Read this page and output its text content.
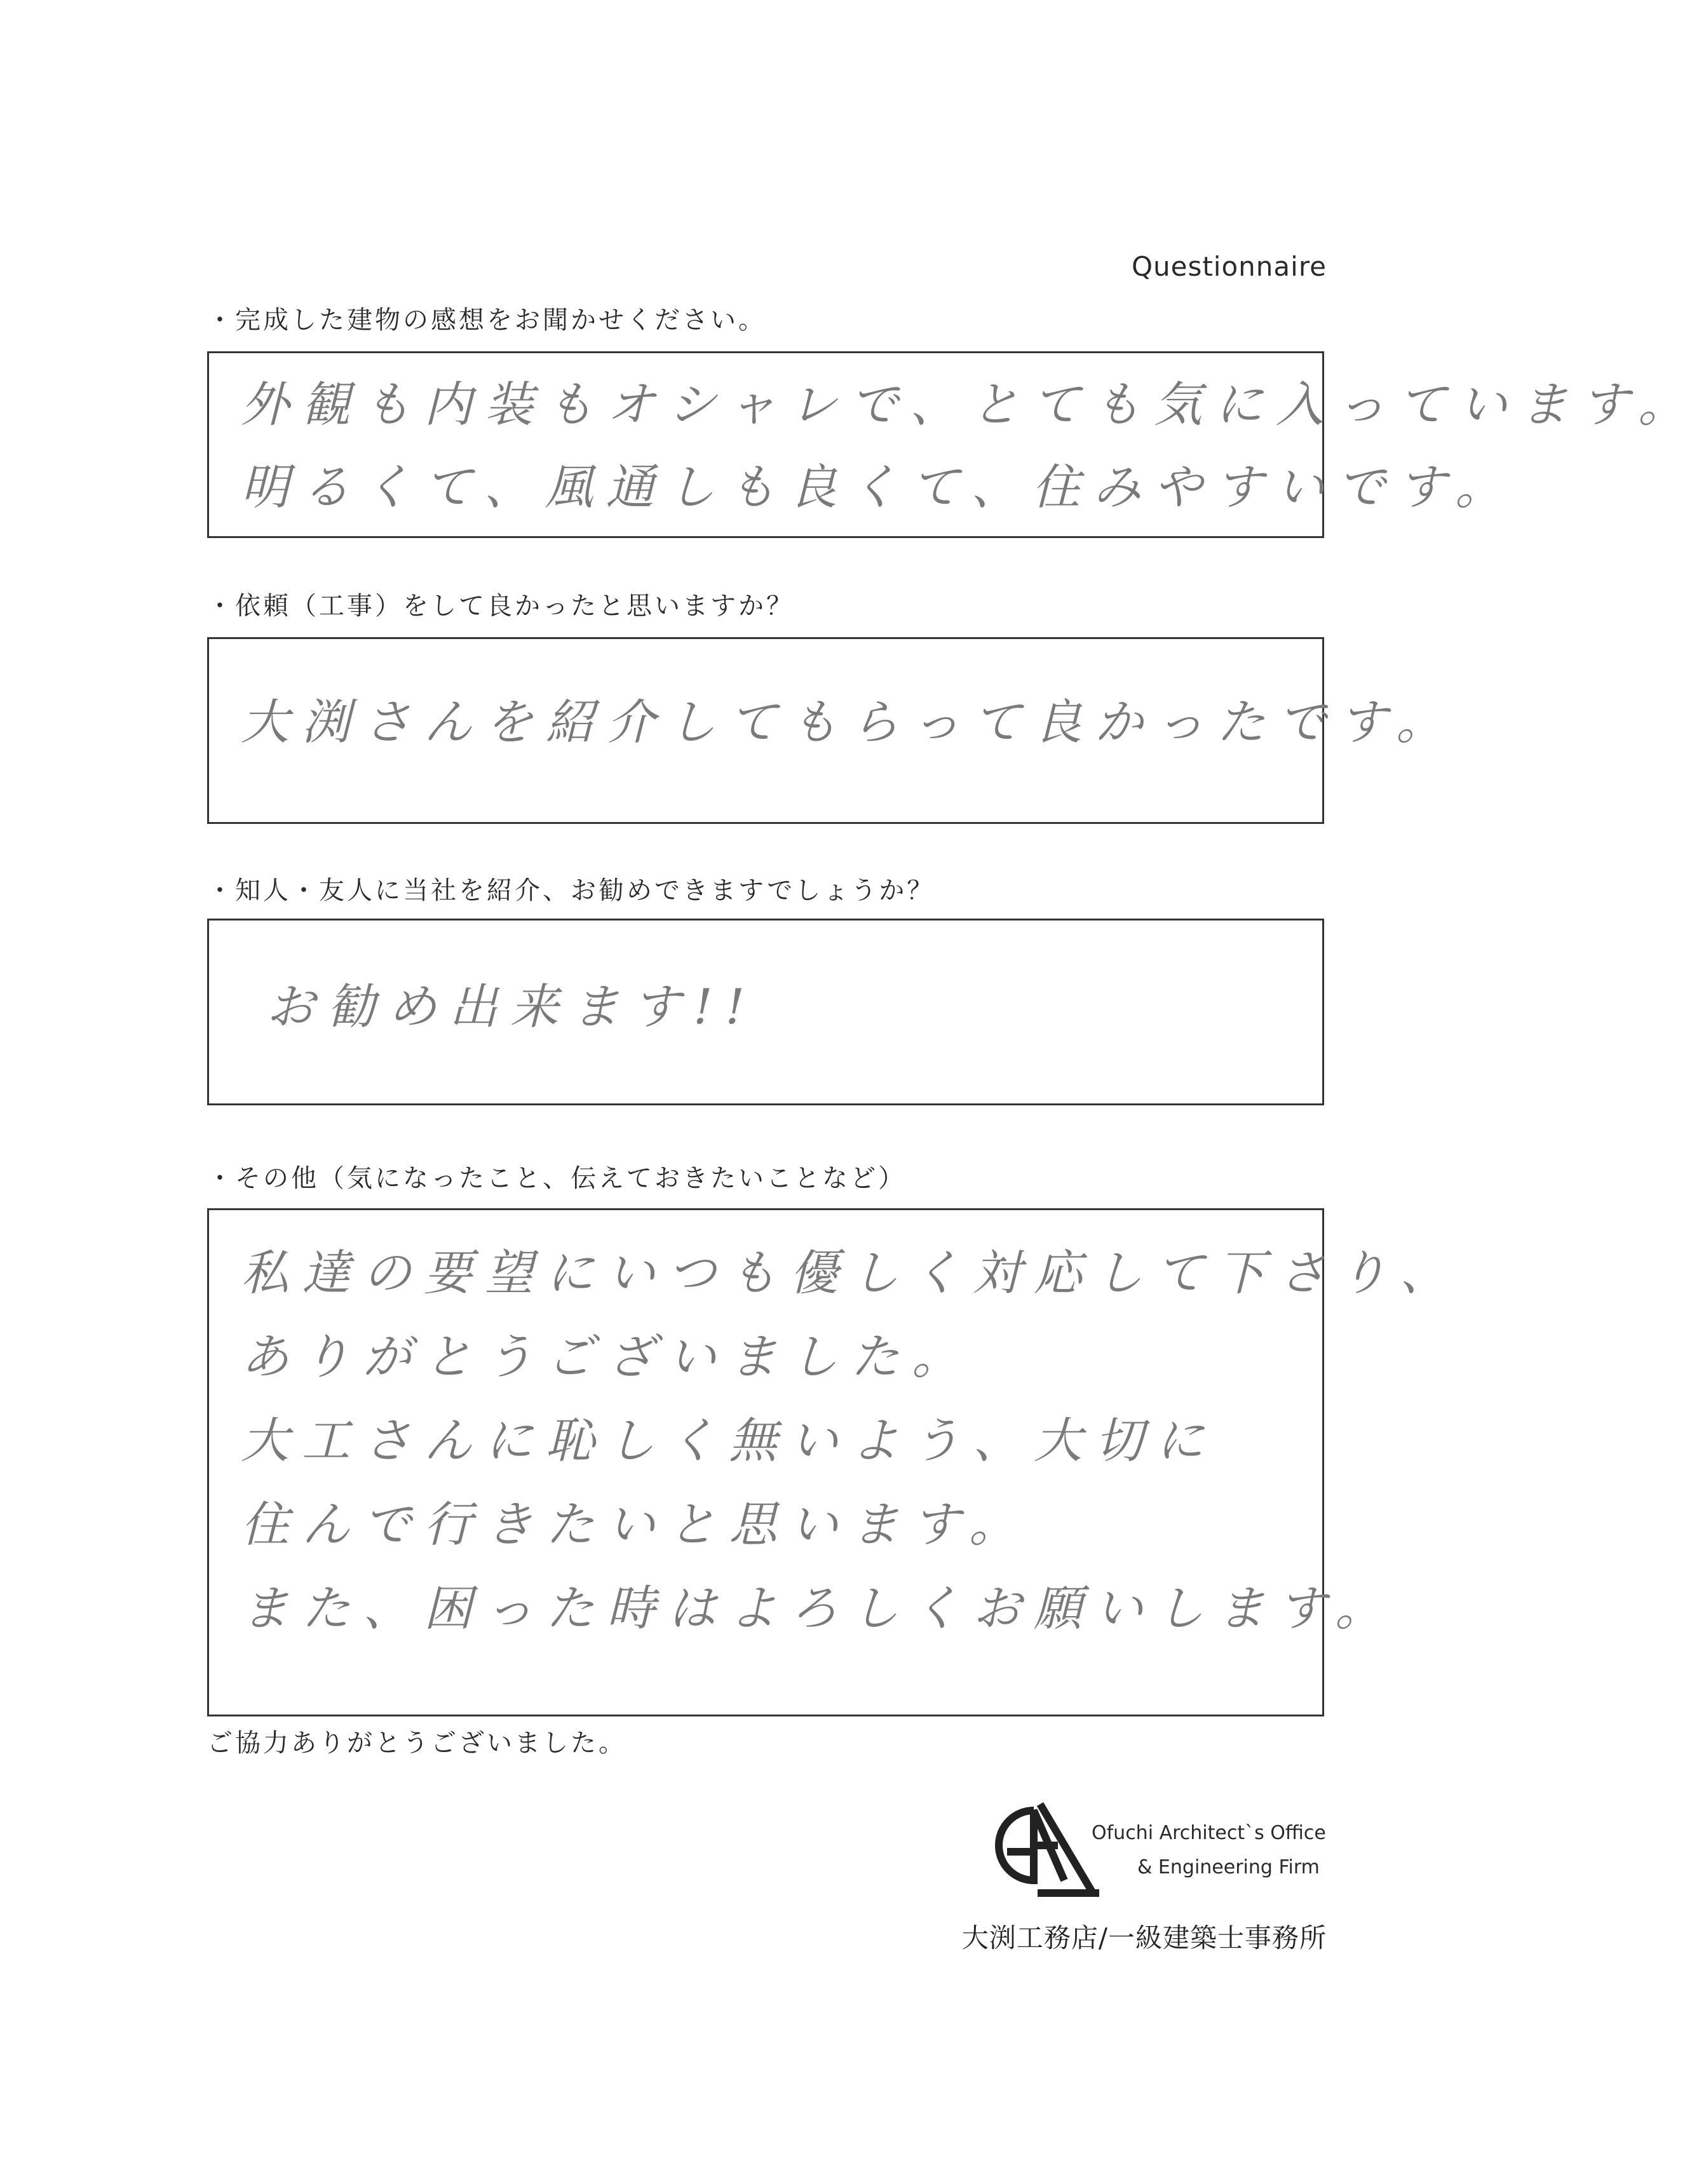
Questionnaire
・完成した建物の感想をお聞かせください。
外観も内装もオシャレで、とても気に入っています。
明るくて、風通しも良くて、住みやすいです。
・依頼（工事）をして良かったと思いますか？
大渕さんを紹介してもらって良かったです。
・知人・友人に当社を紹介、お勧めできますでしょうか？
お勧め出来ます!!
・その他（気になったこと、伝えておきたいことなど）
私達の要望にいつも優しく対応して下さり、
ありがとうございました。
大工さんに恥しく無いよう、大切に
住んで行きたいと思います。
また、困った時はよろしくお願いします。
ご協力ありがとうございました。
Ofuchi Architect`s Office
& Engineering Firm
大渕工務店/一級建築士事務所
